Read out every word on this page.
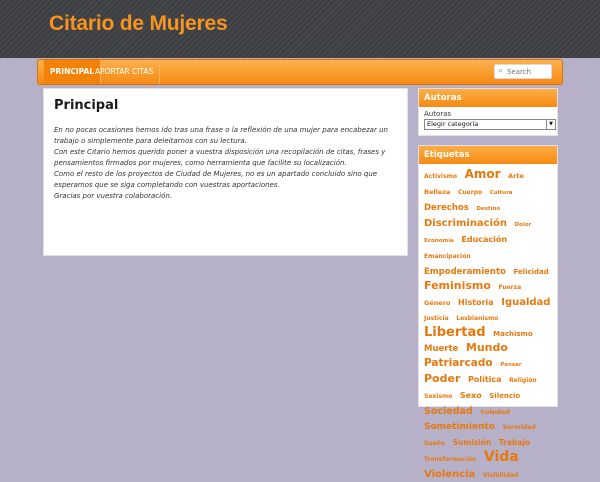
Citario de Mujeres
PRINCIPAL APORTAR CITAS	⌕
Search
Principal
En no pocas ocasiones hemos ido tras una frase o la reflexión de una mujer para encabezar un trabajo o simplemente para deleitarnos con su lectura.
Con este Citario hemos querido poner a vuestra disposición una recopilación de citas, frases y pensamientos firmados por mujeres, como herramienta que facilite su localización.
Como el resto de los proyectos de Ciudad de Mujeres, no es un apartado concluido sino que esperamos que se siga completando con vuestras aportaciones.
Gracias por vuestra colaboración.
Autoras
Autoras
Elegir categoría	▼
Etiquetas
Activismo Amor Arte Belleza Cuerpo Cultura Derechos Destino Discriminación Dolor Economía Educación Emancipación Empoderamiento Felicidad Feminismo Fuerza Género Historia Igualdad Justicia Lesbianismo Libertad Machismo Muerte Mundo Patriarcado Pensar Poder Política Religión Sexismo Sexo Silencio Sociedad Soledad Sometimiento Sororidad Sueño Sumisión Trabajo Transformación Vida Violencia Visibilidad
